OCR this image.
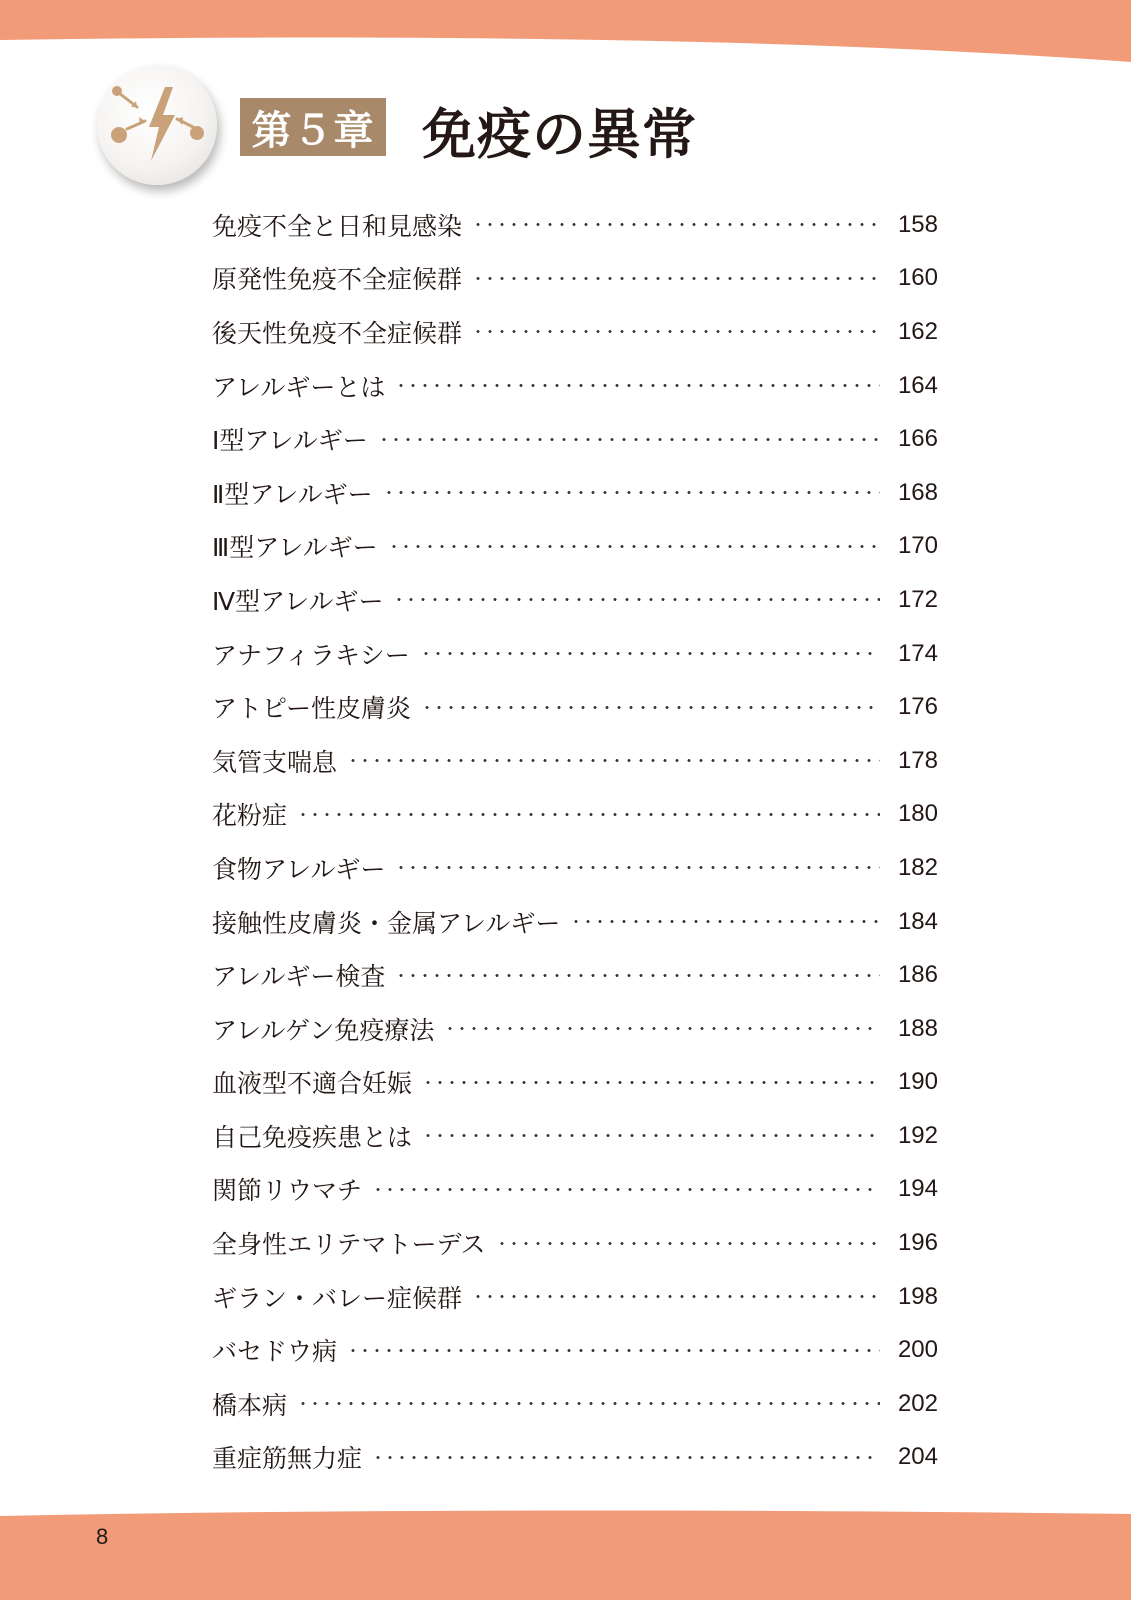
第５章 免疫の異常
免疫不全と日和見感染	158
原発性免疫不全症候群	160
後天性免疫不全症候群	162
アレルギーとは	164
Ⅰ型アレルギー	166
Ⅱ型アレルギー	168
Ⅲ型アレルギー	170
Ⅳ型アレルギー	172
アナフィラキシー	174
アトピー性皮膚炎	176
気管支喘息	178
花粉症	180
食物アレルギー	182
接触性皮膚炎・金属アレルギー	184
アレルギー検査	186
アレルゲン免疫療法	188
血液型不適合妊娠	190
自己免疫疾患とは	192
関節リウマチ	194
全身性エリテマトーデス	196
ギラン・バレー症候群	198
バセドウ病	200
橋本病	202
重症筋無力症	204
8
